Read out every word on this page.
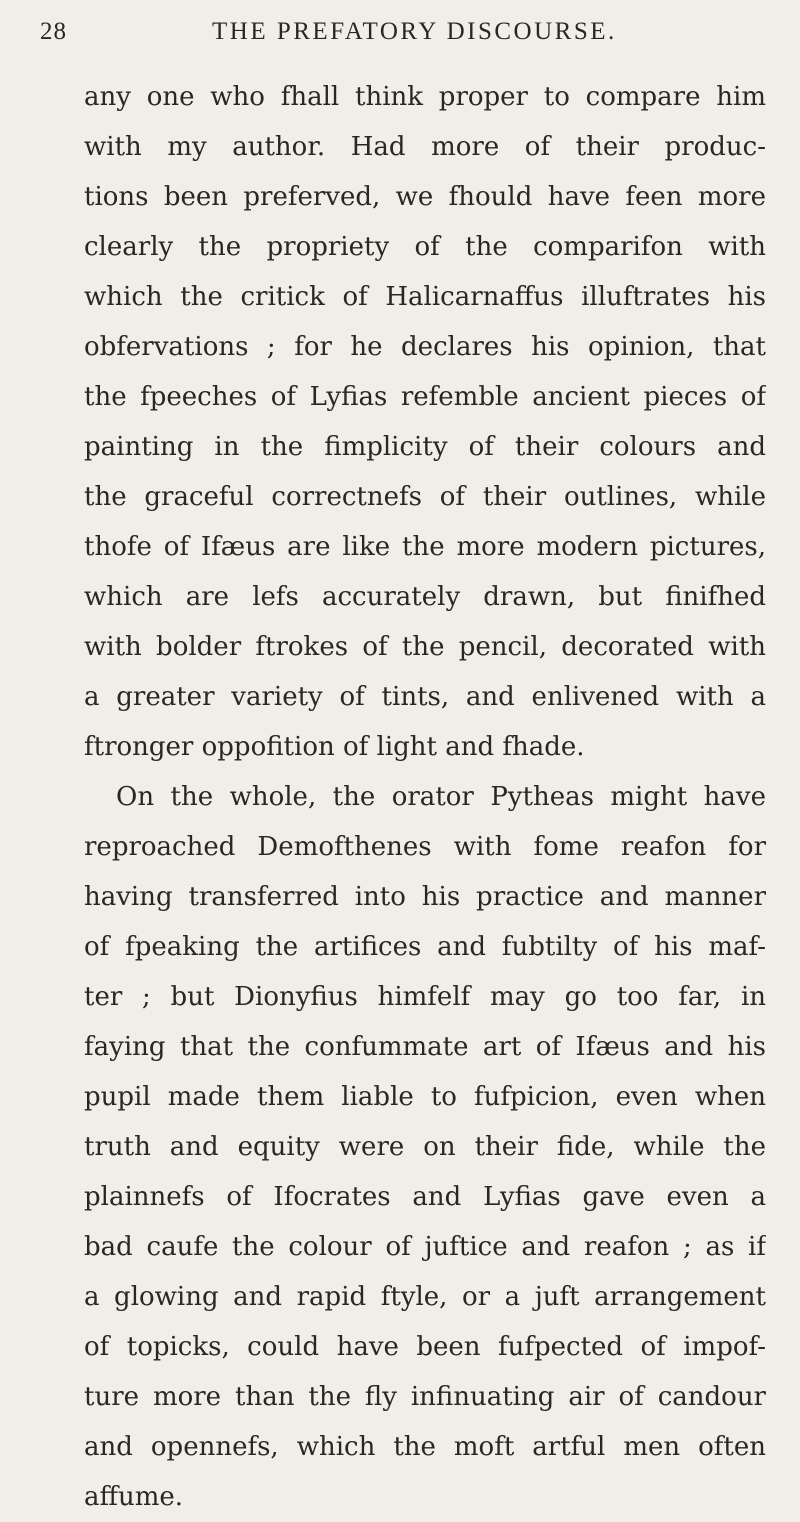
28	THE PREFATORY DISCOURSE.
any one who fhall think proper to compare him
with my author. Had more of their produc-
tions been preferved, we fhould have feen more
clearly the propriety of the comparifon with
which the critick of Halicarnaffus illuftrates his
obfervations ; for he declares his opinion, that
the fpeeches of Lyfias refemble ancient pieces of
painting in the fimplicity of their colours and
the graceful correctnefs of their outlines, while
thofe of Ifæus are like the more modern pictures,
which are lefs accurately drawn, but finifhed
with bolder ftrokes of the pencil, decorated with
a greater variety of tints, and enlivened with a
ftronger oppofition of light and fhade.
On the whole, the orator Pytheas might have
reproached Demofthenes with fome reafon for
having transferred into his practice and manner
of fpeaking the artifices and fubtilty of his maf-
ter ; but Dionyfius himfelf may go too far, in
faying that the confummate art of Ifæus and his
pupil made them liable to fufpicion, even when
truth and equity were on their fide, while the
plainnefs of Ifocrates and Lyfias gave even a
bad caufe the colour of juftice and reafon ; as if
a glowing and rapid ftyle, or a juft arrangement
of topicks, could have been fufpected of impof-
ture more than the fly infinuating air of candour
and opennefs, which the moft artful men often
affume.
